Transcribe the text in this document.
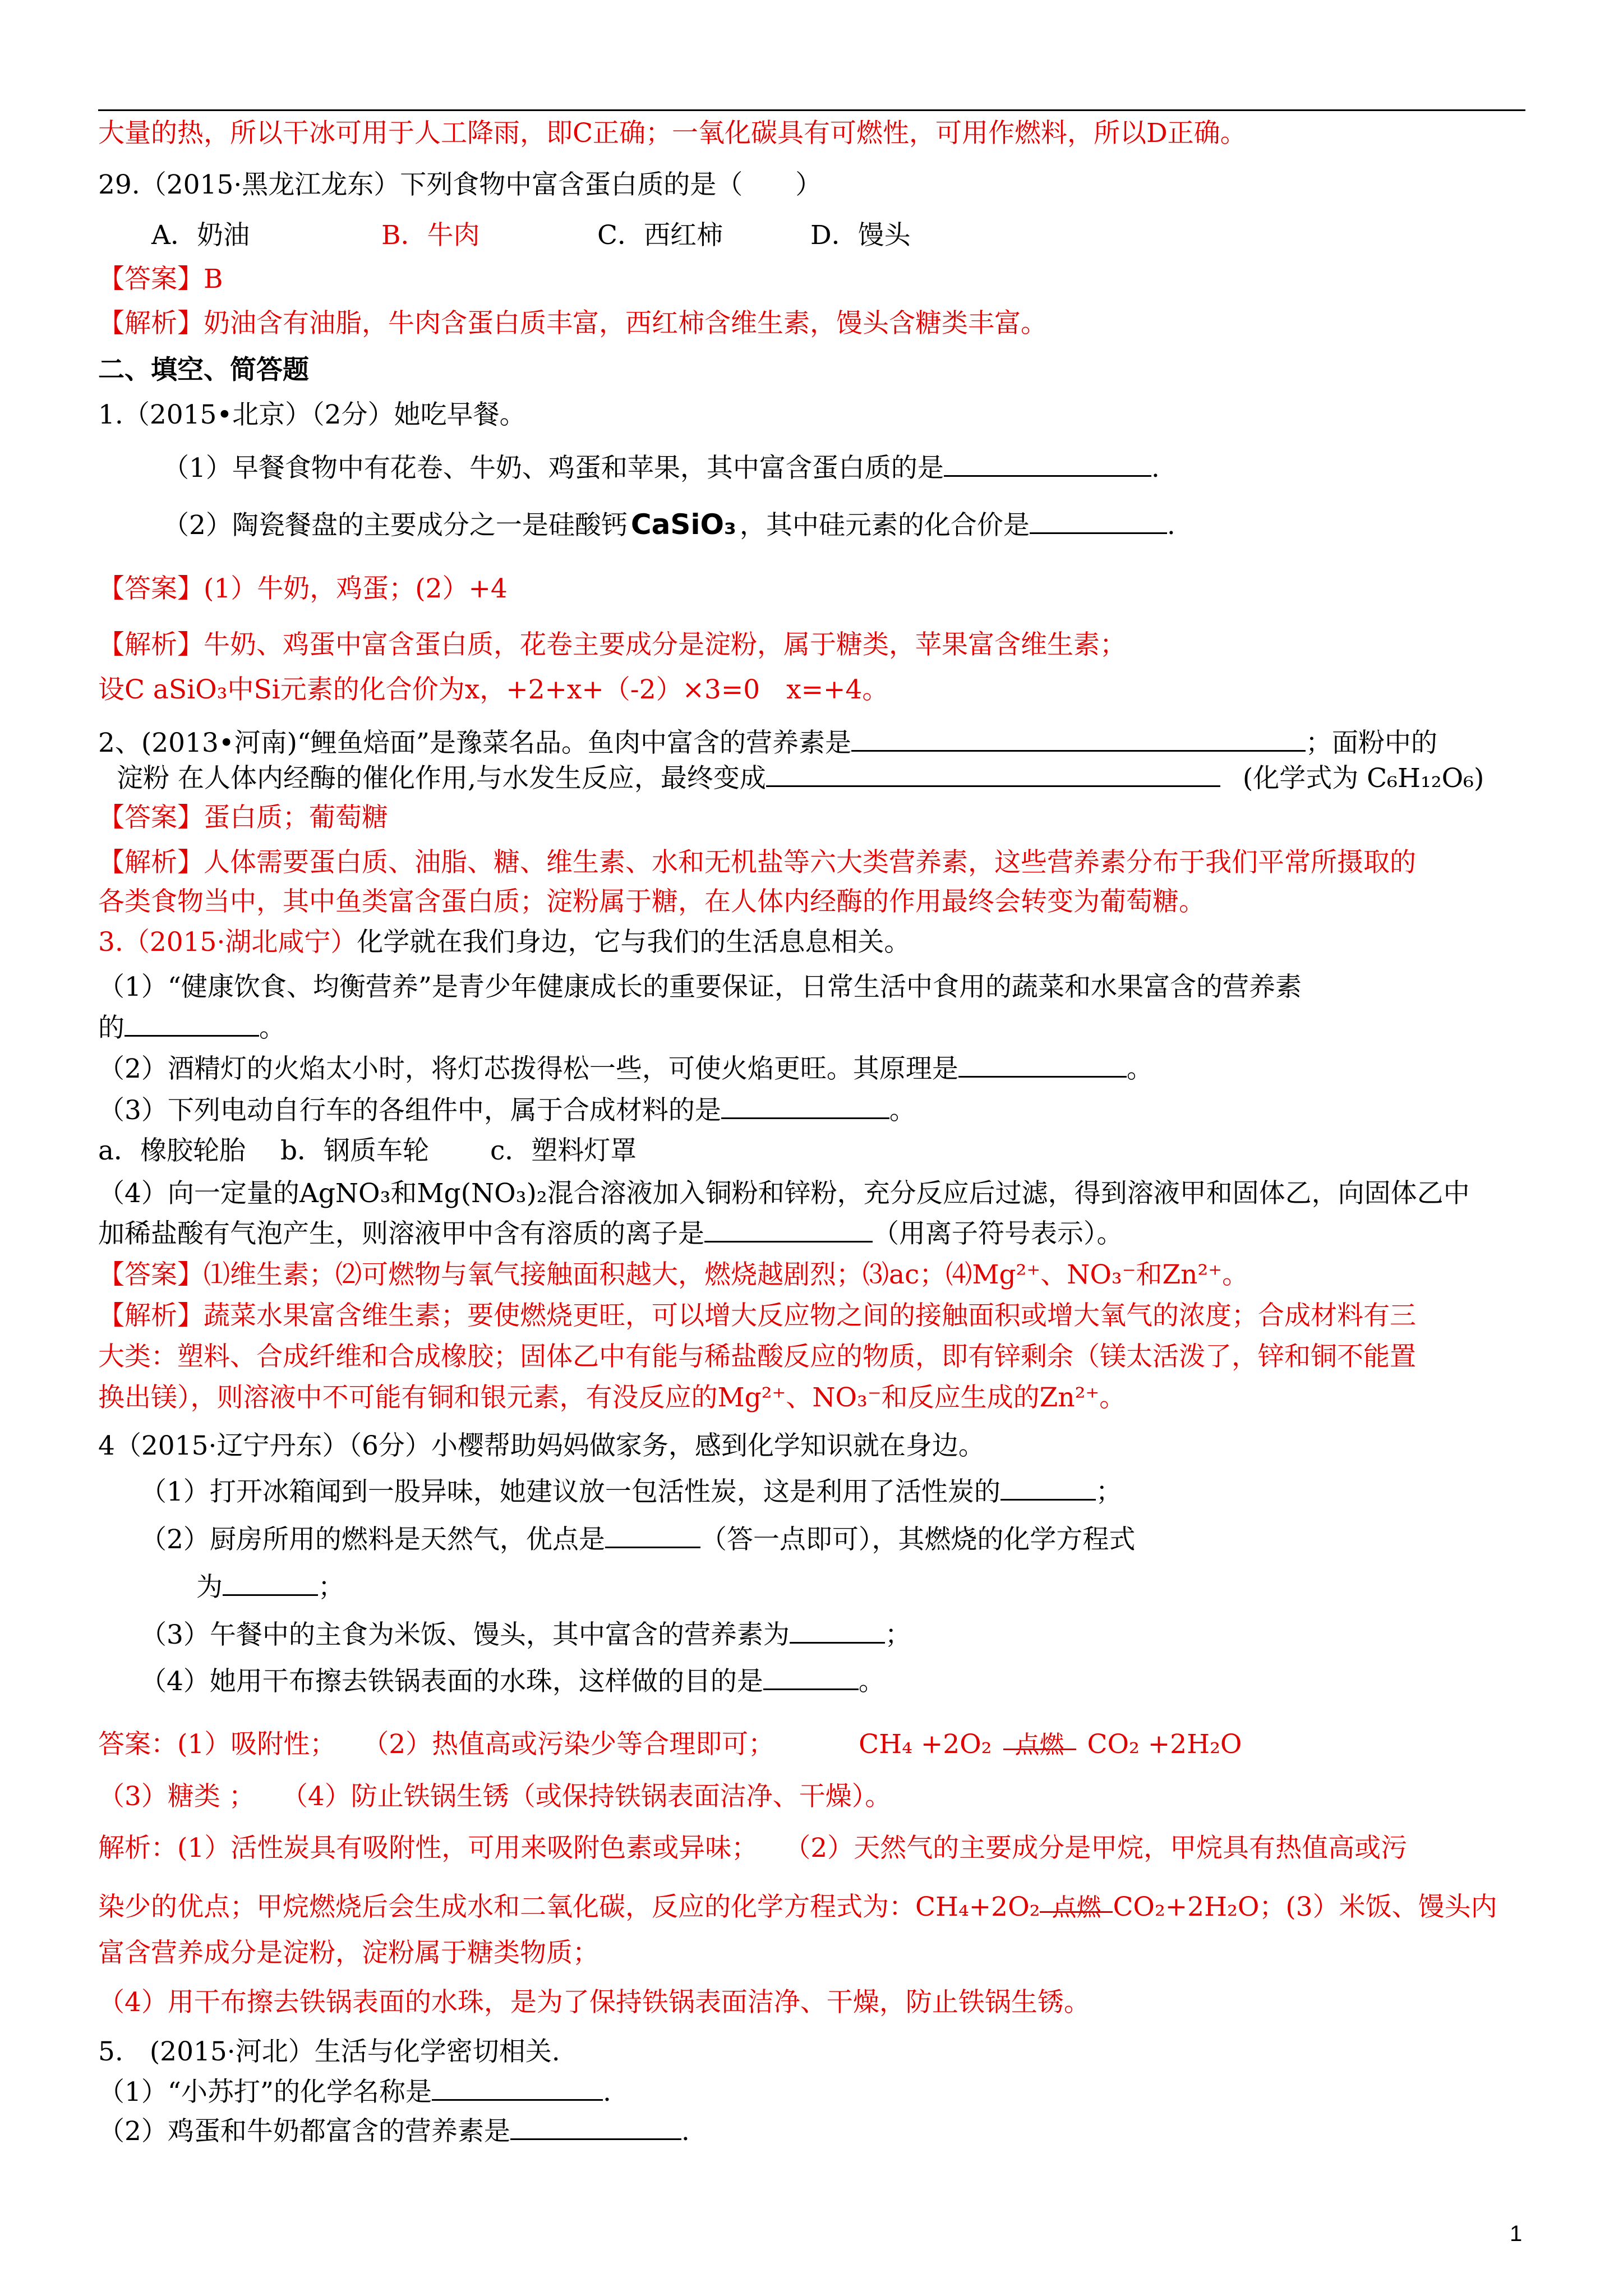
大量的热，所以干冰可用于人工降雨，即C正确；一氧化碳具有可燃性，可用作燃料，所以D正确。
29.（2015·黑龙江龙东）下列食物中富含蛋白质的是（　　）
A．奶油	B．牛肉	C．西红柿	D．馒头
【答案】B
【解析】奶油含有油脂，牛肉含蛋白质丰富，西红柿含维生素，馒头含糖类丰富。
二、填空、简答题
1.（2015•北京）（2分）她吃早餐。
（1）早餐食物中有花卷、牛奶、鸡蛋和苹果，其中富含蛋白质的是	.
（2）陶瓷餐盘的主要成分之一是硅酸钙 CaSiO₃ ，其中硅元素的化合价是	.
【答案】(1）牛奶，鸡蛋；(2）+4
【解析】牛奶、鸡蛋中富含蛋白质，花卷主要成分是淀粉，属于糖类，苹果富含维生素；
设C aSiO₃中Si元素的化合价为x，+2+x+（-2）×3=0　x=+4。
2、(2013•河南)“鲤鱼焙面”是豫菜名品。鱼肉中富含的营养素是	；面粉中的
淀粉 在人体内经酶的催化作用,与水发生反应，最终变成	(化学式为 C₆H₁₂O₆)
【答案】蛋白质；葡萄糖
【解析】人体需要蛋白质、油脂、糖、维生素、水和无机盐等六大类营养素，这些营养素分布于我们平常所摄取的
各类食物当中，其中鱼类富含蛋白质；淀粉属于糖，在人体内经酶的作用最终会转变为葡萄糖。
3.（2015·湖北咸宁）化学就在我们身边，它与我们的生活息息相关。
（1）“健康饮食、均衡营养”是青少年健康成长的重要保证，日常生活中食用的蔬菜和水果富含的营养素
的	。
（2）酒精灯的火焰太小时，将灯芯拨得松一些，可使火焰更旺。其原理是	。
（3）下列电动自行车的各组件中，属于合成材料的是	。
a．橡胶轮胎　 b．钢质车轮　　 c．塑料灯罩
（4）向一定量的AgNO₃和Mg(NO₃)₂混合溶液加入铜粉和锌粉，充分反应后过滤，得到溶液甲和固体乙，向固体乙中
加稀盐酸有气泡产生，则溶液甲中含有溶质的离子是	（用离子符号表示）。
【答案】⑴维生素；⑵可燃物与氧气接触面积越大，燃烧越剧烈；⑶ac；⑷Mg²⁺、NO₃⁻和Zn²⁺。
【解析】蔬菜水果富含维生素；要使燃烧更旺，可以增大反应物之间的接触面积或增大氧气的浓度；合成材料有三
大类：塑料、合成纤维和合成橡胶；固体乙中有能与稀盐酸反应的物质，即有锌剩余（镁太活泼了，锌和铜不能置
换出镁），则溶液中不可能有铜和银元素，有没反应的Mg²⁺、NO₃⁻和反应生成的Zn²⁺。
4（2015·辽宁丹东）（6分）小樱帮助妈妈做家务，感到化学知识就在身边。
（1）打开冰箱闻到一股异味，她建议放一包活性炭，这是利用了活性炭的	；
（2）厨房所用的燃料是天然气，优点是	（答一点即可），其燃烧的化学方程式
为	；
（3）午餐中的主食为米饭、馒头，其中富含的营养素为	；
（4）她用干布擦去铁锅表面的水珠，这样做的目的是	。
答案：(1）吸附性；　　（2）热值高或污染少等合理即可；	CH₄ +2O₂ 点燃 CO₂ +2H₂O
（3）糖类 ；　　（4）防止铁锅生锈（或保持铁锅表面洁净、干燥）。
解析：(1）活性炭具有吸附性，可用来吸附色素或异味；　　（2）天然气的主要成分是甲烷，甲烷具有热值高或污
染少的优点；甲烷燃烧后会生成水和二氧化碳，反应的化学方程式为：CH₄+2O₂ 点燃 CO₂+2H₂O；(3）米饭、馒头内
富含营养成分是淀粉，淀粉属于糖类物质；
（4）用干布擦去铁锅表面的水珠，是为了保持铁锅表面洁净、干燥，防止铁锅生锈。
5.　(2015·河北）生活与化学密切相关.
（1）“小苏打”的化学名称是	.
（2）鸡蛋和牛奶都富含的营养素是	.
1
